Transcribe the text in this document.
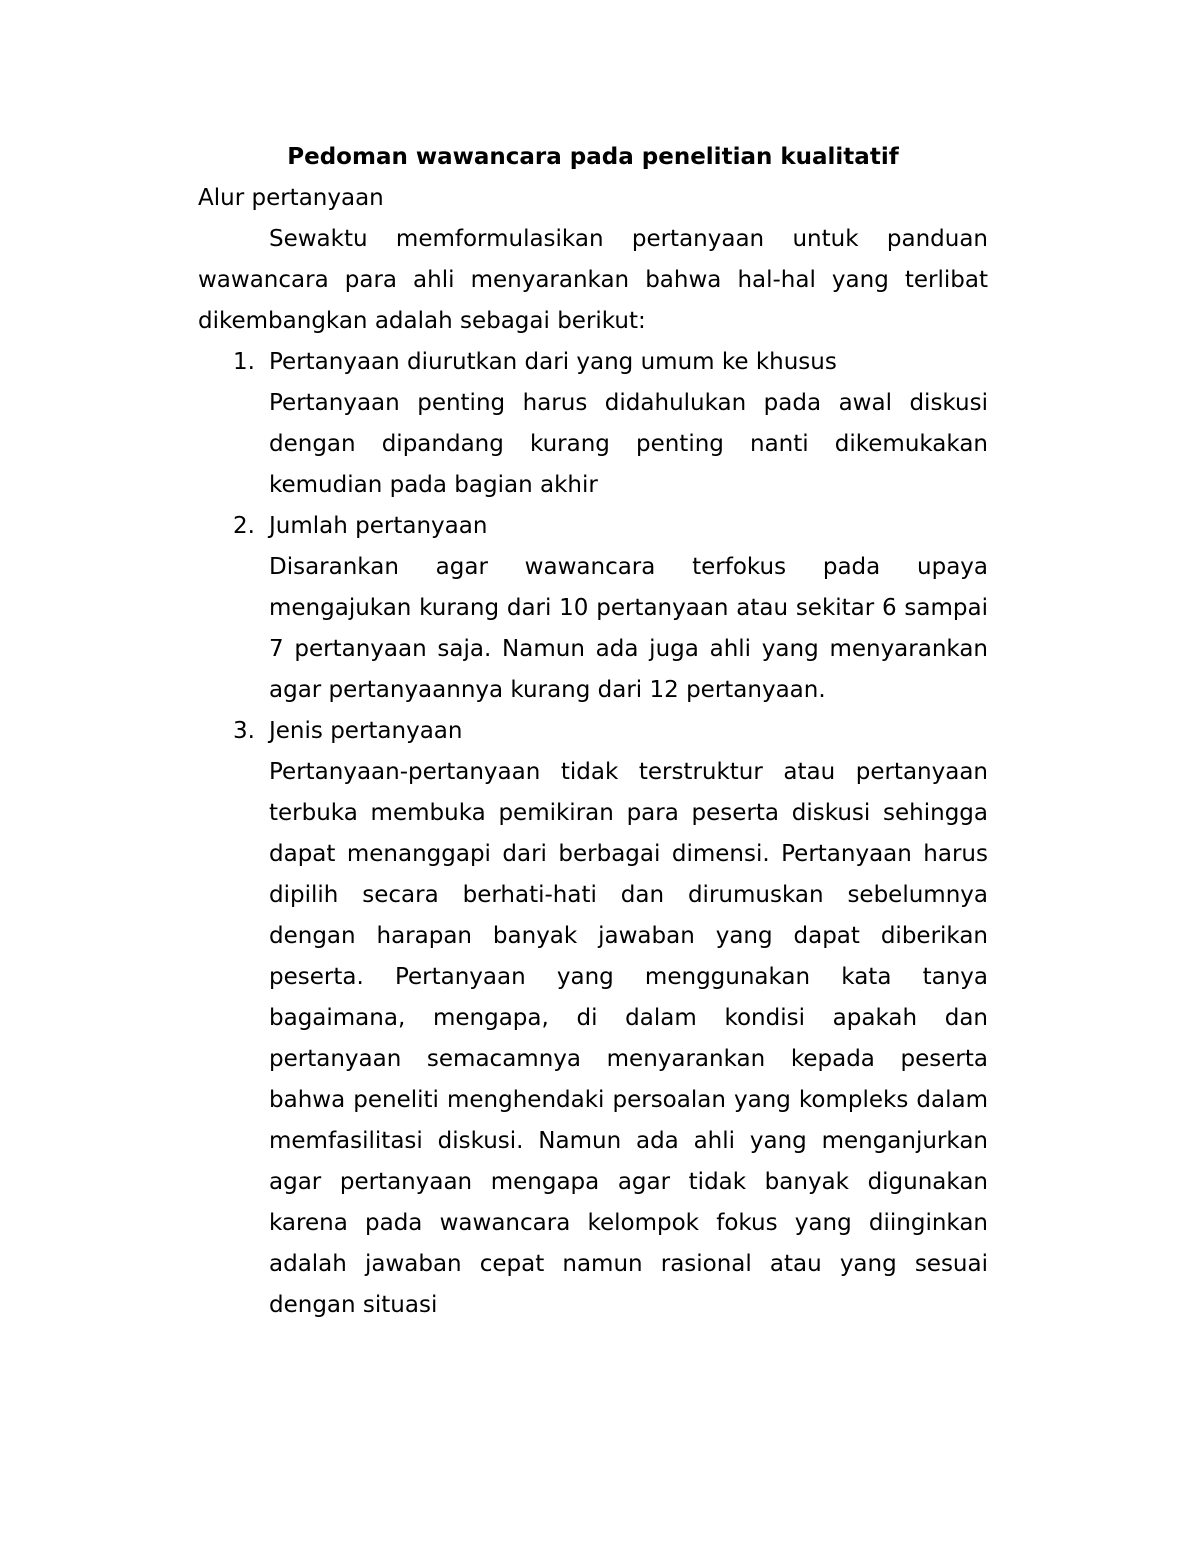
Pedoman wawancara pada penelitian kualitatif

Alur pertanyaan

Sewaktu memformulasikan pertanyaan untuk panduan wawancara para ahli menyarankan bahwa hal-hal yang terlibat dikembangkan adalah sebagai berikut:

1. Pertanyaan diurutkan dari yang umum ke khusus

Pertanyaan penting harus didahulukan pada awal diskusi dengan dipandang kurang penting nanti dikemukakan kemudian pada bagian akhir

2. Jumlah pertanyaan

Disarankan agar wawancara terfokus pada upaya mengajukan kurang dari 10 pertanyaan atau sekitar 6 sampai 7 pertanyaan saja. Namun ada juga ahli yang menyarankan agar pertanyaannya kurang dari 12 pertanyaan.

3. Jenis pertanyaan

Pertanyaan-pertanyaan tidak terstruktur atau pertanyaan terbuka membuka pemikiran para peserta diskusi sehingga dapat menanggapi dari berbagai dimensi. Pertanyaan harus dipilih secara berhati-hati dan dirumuskan sebelumnya dengan harapan banyak jawaban yang dapat diberikan peserta. Pertanyaan yang menggunakan kata tanya bagaimana, mengapa, di dalam kondisi apakah dan pertanyaan semacamnya menyarankan kepada peserta bahwa peneliti menghendaki persoalan yang kompleks dalam memfasilitasi diskusi. Namun ada ahli yang menganjurkan agar pertanyaan mengapa agar tidak banyak digunakan karena pada wawancara kelompok fokus yang diinginkan adalah jawaban cepat namun rasional atau yang sesuai dengan situasi
